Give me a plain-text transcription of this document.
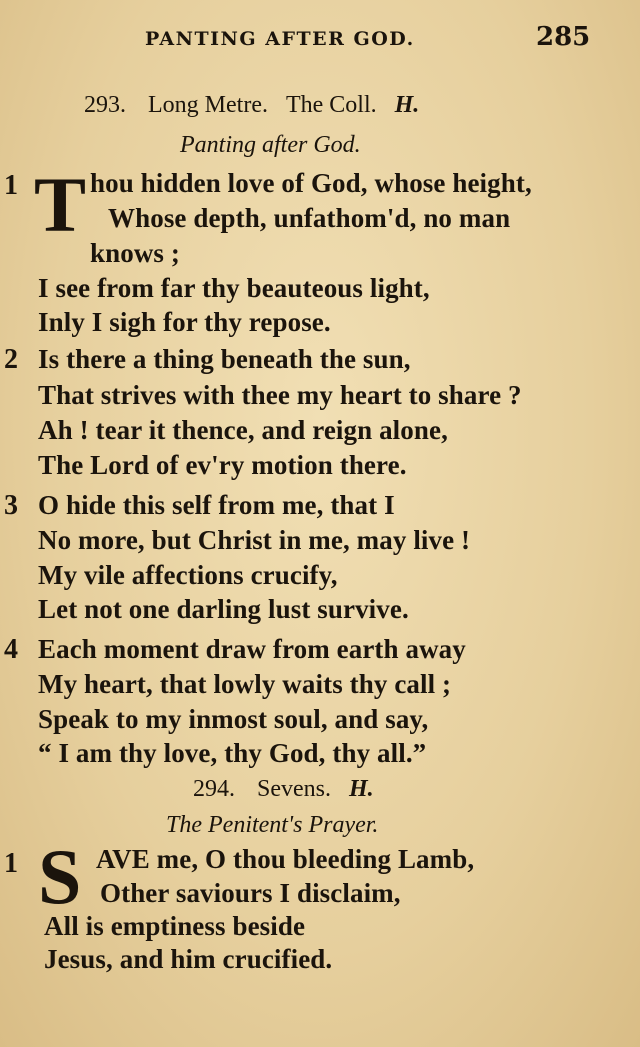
PANTING AFTER GOD.	285
293. Long Metre. The Coll. H.
Panting after God.
1 T hou hidden love of God, whose height,
Whose depth, unfathom'd, no man
knows ;
I see from far thy beauteous light,
Inly I sigh for thy repose.
2 Is there a thing beneath the sun,
That strives with thee my heart to share ?
Ah ! tear it thence, and reign alone,
The Lord of ev'ry motion there.
3 O hide this self from me, that I
No more, but Christ in me, may live !
My vile affections crucify,
Let not one darling lust survive.
4 Each moment draw from earth away
My heart, that lowly waits thy call ;
Speak to my inmost soul, and say,
“ I am thy love, thy God, thy all.”
294. Sevens. H.
The Penitent's Prayer.
1 S AVE me, O thou bleeding Lamb,
Other saviours I disclaim,
All is emptiness beside
Jesus, and him crucified.
